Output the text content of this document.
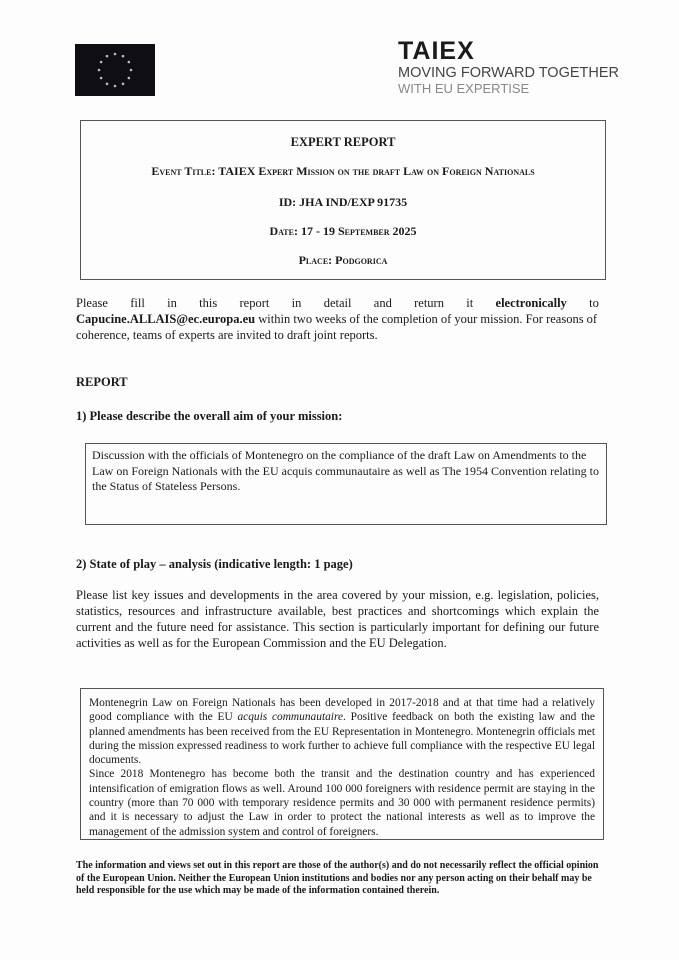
TAIEX
MOVING FORWARD TOGETHER
WITH EU EXPERTISE
EXPERT REPORT
Event Title: TAIEX Expert Mission on the draft Law on Foreign Nationals
ID: JHA IND/EXP 91735
Date: 17 - 19 September 2025
Place: Podgorica
Please fill in this report in detail and return it electronically to
Capucine.ALLAIS@ec.europa.eu within two weeks of the completion of your mission. For reasons of coherence, teams of experts are invited to draft joint reports.
REPORT
1) Please describe the overall aim of your mission:
Discussion with the officials of Montenegro on the compliance of the draft Law on Amendments to the Law on Foreign Nationals with the EU acquis communautaire as well as The 1954 Convention relating to the Status of Stateless Persons.
2) State of play – analysis (indicative length: 1 page)
Please list key issues and developments in the area covered by your mission, e.g. legislation, policies, statistics, resources and infrastructure available, best practices and shortcomings which explain the current and the future need for assistance. This section is particularly important for defining our future activities as well as for the European Commission and the EU Delegation.

Montenegrin Law on Foreign Nationals has been developed in 2017-2018 and at that time had a relatively good compliance with the EU acquis communautaire. Positive feedback on both the existing law and the planned amendments has been received from the EU Representation in Montenegro. Montenegrin officials met during the mission expressed readiness to work further to achieve full compliance with the respective EU legal documents.

Since 2018 Montenegro has become both the transit and the destination country and has experienced intensification of emigration flows as well. Around 100 000 foreigners with residence permit are staying in the country (more than 70 000 with temporary residence permits and 30 000 with permanent residence permits) and it is necessary to adjust the Law in order to protect the national interests as well as to improve the management of the admission system and control of foreigners.

The information and views set out in this report are those of the author(s) and do not necessarily reflect the official opinion of the European Union. Neither the European Union institutions and bodies nor any person acting on their behalf may be held responsible for the use which may be made of the information contained therein.
